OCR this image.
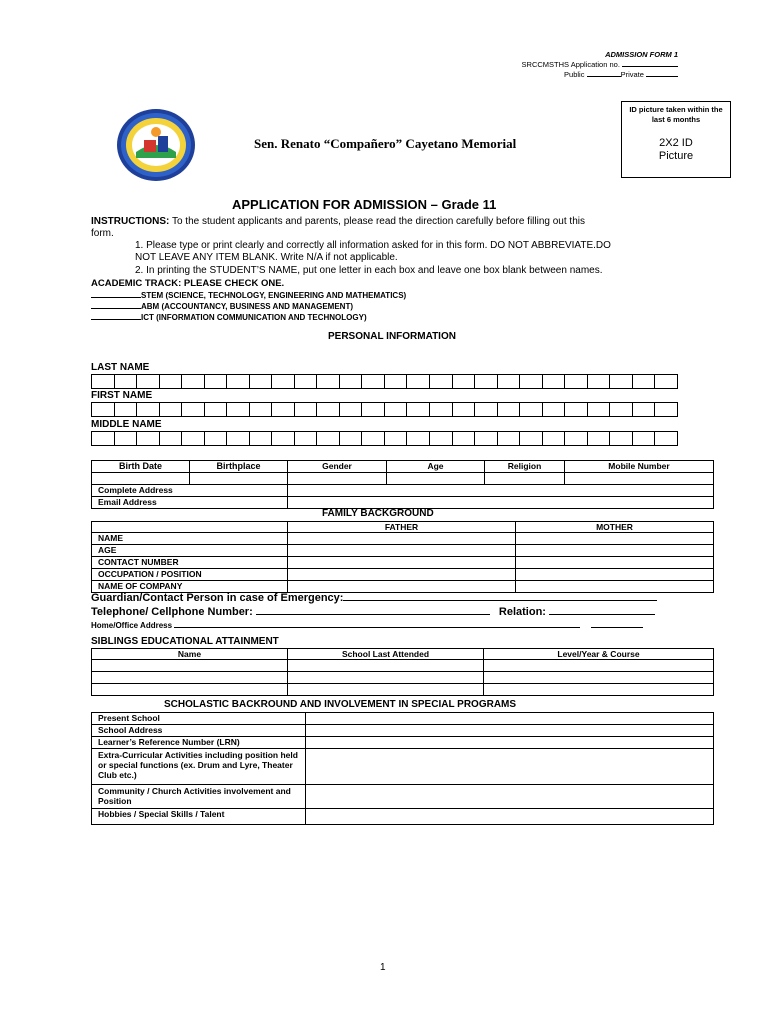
ADMISSION FORM 1
SRCCMSTHS Application no.
Public	Private
Sen. Renato “Compañero” Cayetano Memorial
ID picture taken within the last 6 months
2X2 ID
Picture
APPLICATION FOR ADMISSION – Grade 11
INSTRUCTIONS: To the student applicants and parents, please read the direction carefully before filling out this
form.
1. Please type or print clearly and correctly all information asked for in this form. DO NOT ABBREVIATE.DO
NOT LEAVE ANY ITEM BLANK. Write N/A if not applicable.
2. In printing the STUDENT’S NAME, put one letter in each box and leave one box blank between names.
ACADEMIC TRACK: PLEASE CHECK ONE.
STEM (SCIENCE, TECHNOLOGY, ENGINEERING AND MATHEMATICS)
ABM (ACCOUNTANCY, BUSINESS AND MANAGEMENT)
ICT (INFORMATION COMMUNICATION AND TECHNOLOGY)
PERSONAL INFORMATION
LAST NAME
FIRST NAME
MIDDLE NAME
Birth Date	Birthplace	Gender	Age	Religion	Mobile Number

Complete Address					
Email Address					
FAMILY BACKGROUND
	FATHER	MOTHER
NAME		
AGE		
CONTACT NUMBER		
OCCUPATION / POSITION		
NAME OF COMPANY		
Guardian/Contact Person in case of Emergency:
Telephone/ Cellphone Number:	Relation:
Home/Office Address
SIBLINGS EDUCATIONAL ATTAINMENT
Name	School Last Attended	Level/Year & Course

SCHOLASTIC BACKROUND AND INVOLVEMENT IN SPECIAL PROGRAMS
Present School	
School Address	
Learner’s Reference Number (LRN)	
Extra-Curricular Activities including position held or special functions (ex. Drum and Lyre, Theater Club etc.)	
Community / Church Activities involvement and Position	
Hobbies / Special Skills / Talent	
1
